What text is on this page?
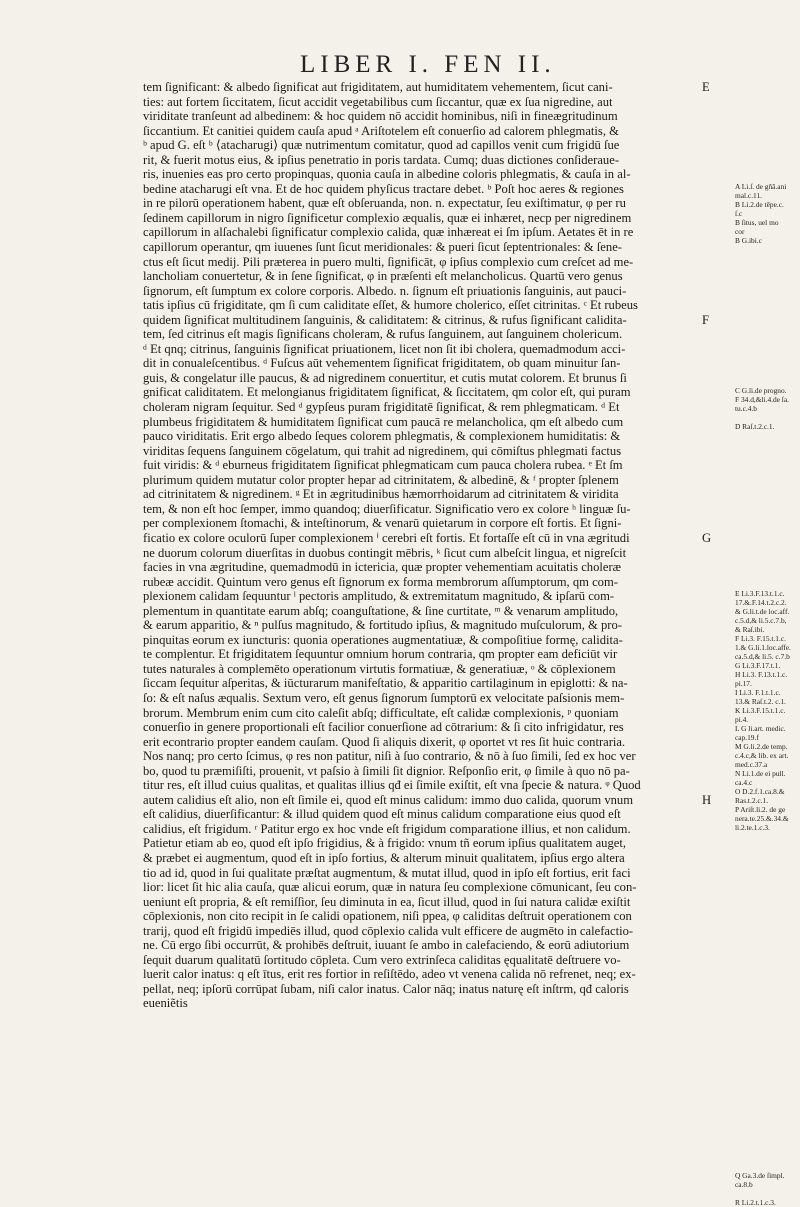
LIBER I. FEN II.
tem ſignificant: & albedo ſignificat aut frigiditatem, aut humiditatem vehementem, ſicut cani-
ties: aut fortem ſiccitatem, ſicut accidit vegetabilibus cum ſiccantur, quæ ex ſua nigredine, aut
viriditate tranſeunt ad albedinem: & hoc quidem nō accidit hominibus, niſi in fineægritudinum
ſiccantium. Et canitiei quidem cauſa apud ᵃ Ariſtotelem eſt conuerſio ad calorem phlegmatis, &
ᵇ apud G. eſt ᵇ ⟨atacharugi⟩ quæ nutrimentum comitatur, quod ad capillos venit cum frigidū ſue
rit, & fuerit motus eius, & ipſius penetratio in poris tardata. Cumq; duas dictiones conſideraue-
ris, inuenies eas pro certo propinquas, quonia cauſa in albedine coloris phlegmatis, & cauſa in al-
bedine atacharugi eſt vna. Et de hoc quidem phyſicus tractare debet. ᵇ Poſt hoc aeres & regiones
in re pilorū operationem habent, quæ eſt obſeruanda, non. n. expectatur, ſeu exiſtimatur, φ per ru
ſedinem capillorum in nigro ſignificetur complexio æqualis, quæ ei inhæret, necp per nigredinem
capillorum in alſachalebi ſignificatur complexio calida, quæ inhæreat ei ſm ipſum. Aetates ēt in re
capillorum operantur, qm iuuenes ſunt ſicut meridionales: & pueri ſicut ſeptentrionales: & ſene-
ctus eſt ſicut medij. Pili præterea in puero multi, ſignificāt, φ ipſius complexio cum creſcet ad me-
lancholiam conuertetur, & in ſene ſignificat, φ in præſenti eſt melancholicus. Quartū vero genus
ſignorum, eſt ſumptum ex colore corporis. Albedo. n. ſignum eſt priuationis ſanguinis, aut pauci-
tatis ipſius cū frigiditate, qm ſi cum caliditate eſſet, & humore cholerico, eſſet citrinitas. ᶜ Et rubeus
quidem ſignificat multitudinem ſanguinis, & caliditatem: & citrinus, & rufus ſignificant calidita-
tem, ſed citrinus eſt magis ſignificans choleram, & rufus ſanguinem, aut ſanguinem cholericum.
ᵈ Et qnq; citrinus, ſanguinis ſignificat priuationem, licet non ſit ibi cholera, quemadmodum acci-
dit in conualeſcentibus. ᵈ Fuſcus aūt vehementem ſignificat frigiditatem, ob quam minuitur ſan-
guis, & congelatur ille paucus, & ad nigredinem conuertitur, et cutis mutat colorem. Et brunus ſi
gnificat caliditatem. Et melongianus frigiditatem ſignificat, & ſiccitatem, qm color eſt, qui puram
choleram nigram ſequitur. Sed ᵈ gypſeus puram frigiditatē ſignificat, & rem phlegmaticam. ᵈ Et
plumbeus frigiditatem & humiditatem ſignificat cum paucā re melancholica, qm eſt albedo cum
pauco viriditatis. Erit ergo albedo ſeques colorem phlegmatis, & complexionem humiditatis: &
viriditas ſequens ſanguinem cōgelatum, qui trahit ad nigredinem, qui cōmiſtus phlegmati factus
fuit viridis: & ᵈ eburneus frigiditatem ſignificat phlegmaticam cum pauca cholera rubea. ᵉ Et ſm
plurimum quidem mutatur color propter hepar ad citrinitatem, & albedinē, & ᶠ propter ſplenem
ad citrinitatem & nigredinem. ᵍ Et in ægritudinibus hæmorrhoidarum ad citrinitatem & viridita
tem, & non eſt hoc ſemper, immo quandoq; diuerſificatur. Significatio vero ex colore ʰ linguæ ſu-
per complexionem ſtomachi, & inteſtinorum, & venarū quietarum in corpore eſt fortis. Et ſigni-
ficatio ex colore oculorū ſuper complexionem ⁱ cerebri eſt fortis. Et fortaſſe eſt cū in vna ægritudi
ne duorum colorum diuerſitas in duobus contingit mēbris, ᵏ ſicut cum albeſcit lingua, et nigreſcit
facies in vna ægritudine, quemadmodū in ictericia, quæ propter vehementiam acuitatis choleræ
rubeæ accidit. Quintum vero genus eſt ſignorum ex forma membrorum aſſumptorum, qm com-
plexionem calidam ſequuntur ˡ pectoris amplitudo, & extremitatum magnitudo, & ipſarū com-
plementum in quantitate earum abſq; coanguſtatione, & ſine curtitate, ᵐ & venarum amplitudo,
& earum apparitio, & ⁿ pulſus magnitudo, & fortitudo ipſius, & magnitudo muſculorum, & pro-
pinquitas eorum ex iuncturis: quonia operationes augmentatiuæ, & compoſitiue formę, calidita-
te complentur. Et frigiditatem ſequuntur omnium horum contraria, qm propter eam deficiūt vir
tutes naturales à complemēto operationum virtutis formatiuæ, & generatiuæ, ᵒ & cōplexionem
ſiccam ſequitur aſperitas, & iūcturarum manifeſtatio, & apparitio cartilaginum in epiglotti: & na-
ſo: & eſt naſus æqualis. Sextum vero, eſt genus ſignorum ſumptorū ex velocitate paſsionis mem-
brorum. Membrum enim cum cito caleſit abſq; difficultate, eſt calidæ complexionis, ᵖ quoniam
conuerſio in genere proportionali eſt facilior conuerſione ad cōtrarium: & ſi cito infrigidatur, res
erit econtrario propter eandem cauſam. Quod ſi aliquis dixerit, φ oportet vt res ſit huic contraria.
Nos nanq; pro certo ſcimus, φ res non patitur, niſi à ſuo contrario, & nō à ſuo ſimili, ſed ex hoc ver
bo, quod tu præmiſiſti, prouenit, vt paſsio à ſimili ſit dignior. Reſponſio erit, φ ſimile à quo nō pa-
titur res, eſt illud cuius qualitas, et qualitas illius qđ ei ſimile exiſtit, eſt vna ſpecie & natura. ᵠ Quod
autem calidius eſt alio, non eſt ſimile ei, quod eſt minus calidum: immo duo calida, quorum vnum
eſt calidius, diuerſificantur: & illud quidem quod eſt minus calidum comparatione eius quod eſt
calidius, eſt frigidum. ʳ Patitur ergo ex hoc vnde eſt frigidum comparatione illius, et non calidum.
Patietur etiam ab eo, quod eſt ipſo frigidius, & à frigido: vnum tñ eorum ipſius qualitatem auget,
& præbet ei augmentum, quod eſt in ipſo fortius, & alterum minuit qualitatem, ipſius ergo altera
tio ad id, quod in ſui qualitate præſtat augmentum, & mutat illud, quod in ipſo eſt fortius, erit faci
lior: licet ſit hic alia cauſa, quæ alicui eorum, quæ in natura ſeu complexione cōmunicant, ſeu con-
ueniunt eſt propria, & eſt remiſſior, ſeu diminuta in ea, ſicut illud, quod in ſui natura calidæ exiſtit
cōplexionis, non cito recipit in ſe calidi opationem, niſi ppea, φ caliditas deſtruit operationem con
trarij, quod eſt frigidū impediēs illud, quod cōplexio calida vult efficere de augmēto in calefactio-
ne. Cū ergo ſibi occurrūt, & prohibēs deſtruit, iuuant ſe ambo in calefaciendo, & eorū adiutorium
ſequit duarum qualitatū ſortitudo cōpleta. Cum vero extrinſeca caliditas ęqualitatē deſtruere vo-
luerit calor inatus: q eſt ītus, erit res fortior in reſiſtēdo, adeo vt venena calida nō refrenet, neq; ex-
pellat, neq; ipſorū corrūpat ſubam, niſi calor inatus. Calor nāq; inatus naturę eſt inſtrm, qđ caloris
eueniẽtis
E
F
G
H
A Li.ſ. de gñā.ani
mal.c.11.
B Li.2.de tēpe.c.
ſ.c
B ſitus, uel mo
cor
B G.ibi.c
C G.li.de progno.
F 34.d,&li.4.de ſa.
tu.c.4.b

D Raſ.t.2.c.1.
E Li.3.F.13.t.1.c.
17.&.F.14.t.2.c.2.
& G.li.t.de loc.aff.
c.5.d,& li.5.c.7.b,
& Raſ.ibi.
F Li.3. F.15.t.1.c.
1.& G.li.1.loc.affe.
ca.5.d,& li.5. c.7.b
G Li.3.F.17.t.1.
H Li.3. F.13.t.1.c.
pi.17.
I Li.3. F.1.t.1.c.
13.& Raſ.t.2. c.1.
K Li.3.F.15.t.1.c.
pi.4.
L G li.art. medic.
cap.19.f
M G.li.2.de temp.
c.4.c,& lib. ex art.
med.c.37.a
N Li.1.de ei pull.
ca.4.c
O D.2.f.1.ca.8.&
Ras.t.2.c.1.
P Ariſt.li.2. de ge
nera.te.25.&.34.&
li.2.te.1.c.3.
Q Ga.3.de ſimpl.
ca.8.b

R Li.2.t.1.c.3.
